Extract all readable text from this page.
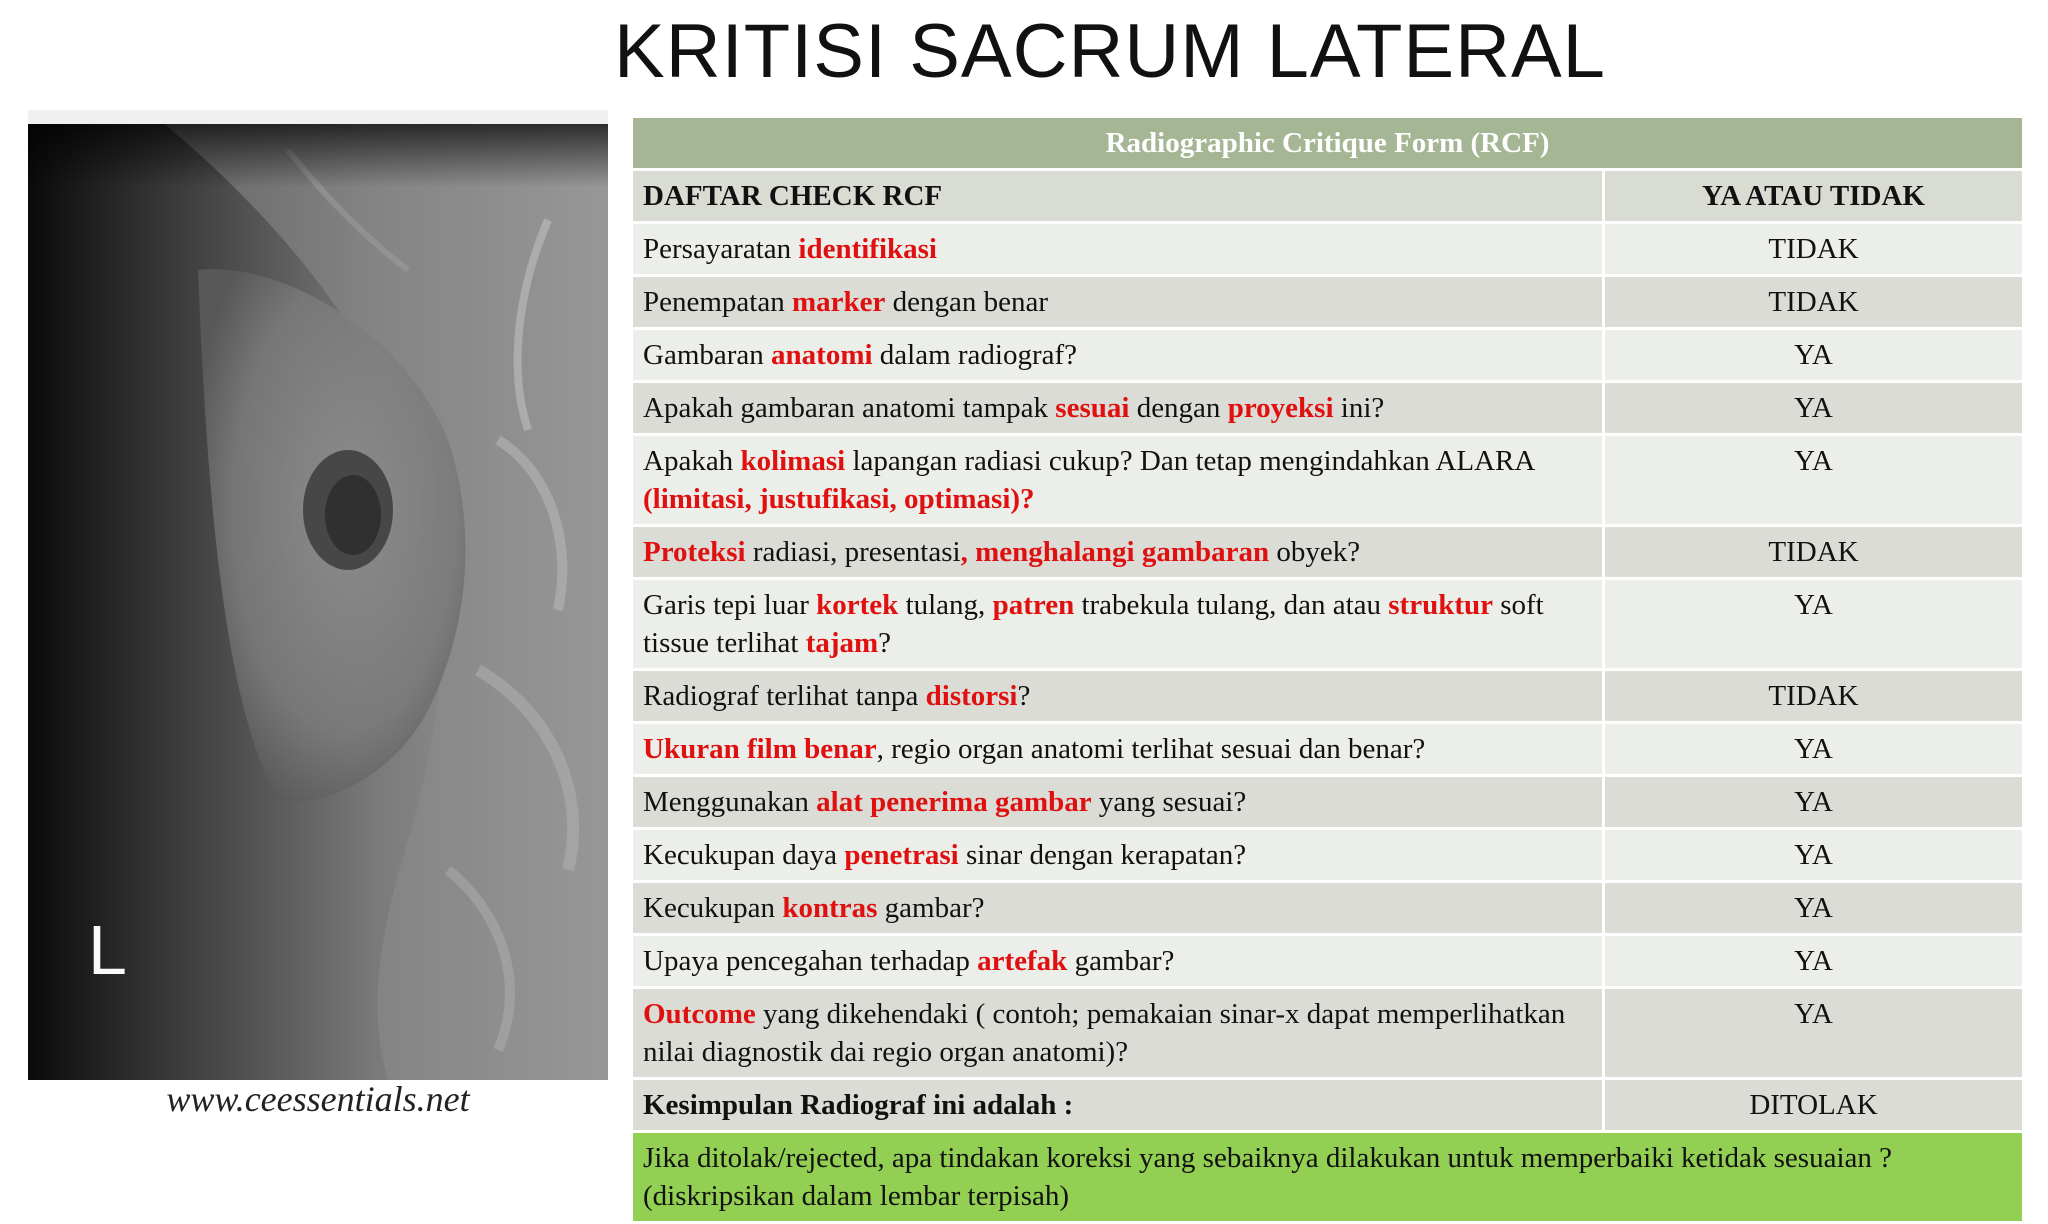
KRITISI SACRUM LATERAL
L
www.ceessentials.net
Radiographic Critique Form (RCF)	
DAFTAR CHECK RCF	YA ATAU TIDAK
Persayaratan identifikasi	TIDAK
Penempatan marker dengan benar	TIDAK
Gambaran anatomi dalam radiograf?	YA
Apakah gambaran anatomi tampak sesuai dengan proyeksi ini?	YA
Apakah kolimasi lapangan radiasi cukup? Dan tetap mengindahkan ALARA (limitasi, justufikasi, optimasi)?	YA
Proteksi radiasi, presentasi, menghalangi gambaran obyek?	TIDAK
Garis tepi luar kortek tulang, patren trabekula tulang, dan atau struktur soft tissue terlihat tajam?	YA
Radiograf terlihat tanpa distorsi?	TIDAK
Ukuran film benar, regio organ anatomi terlihat sesuai dan benar?	YA
Menggunakan alat penerima gambar yang sesuai?	YA
Kecukupan daya penetrasi sinar dengan kerapatan?	YA
Kecukupan kontras gambar?	YA
Upaya pencegahan terhadap artefak gambar?	YA
Outcome yang dikehendaki ( contoh; pemakaian sinar-x dapat memperlihatkan nilai diagnostik dai regio organ anatomi)?	YA
Kesimpulan Radiograf ini adalah :	DITOLAK
Jika ditolak/rejected, apa tindakan koreksi yang sebaiknya dilakukan untuk memperbaiki ketidak sesuaian ? (diskripsikan dalam lembar terpisah)	
